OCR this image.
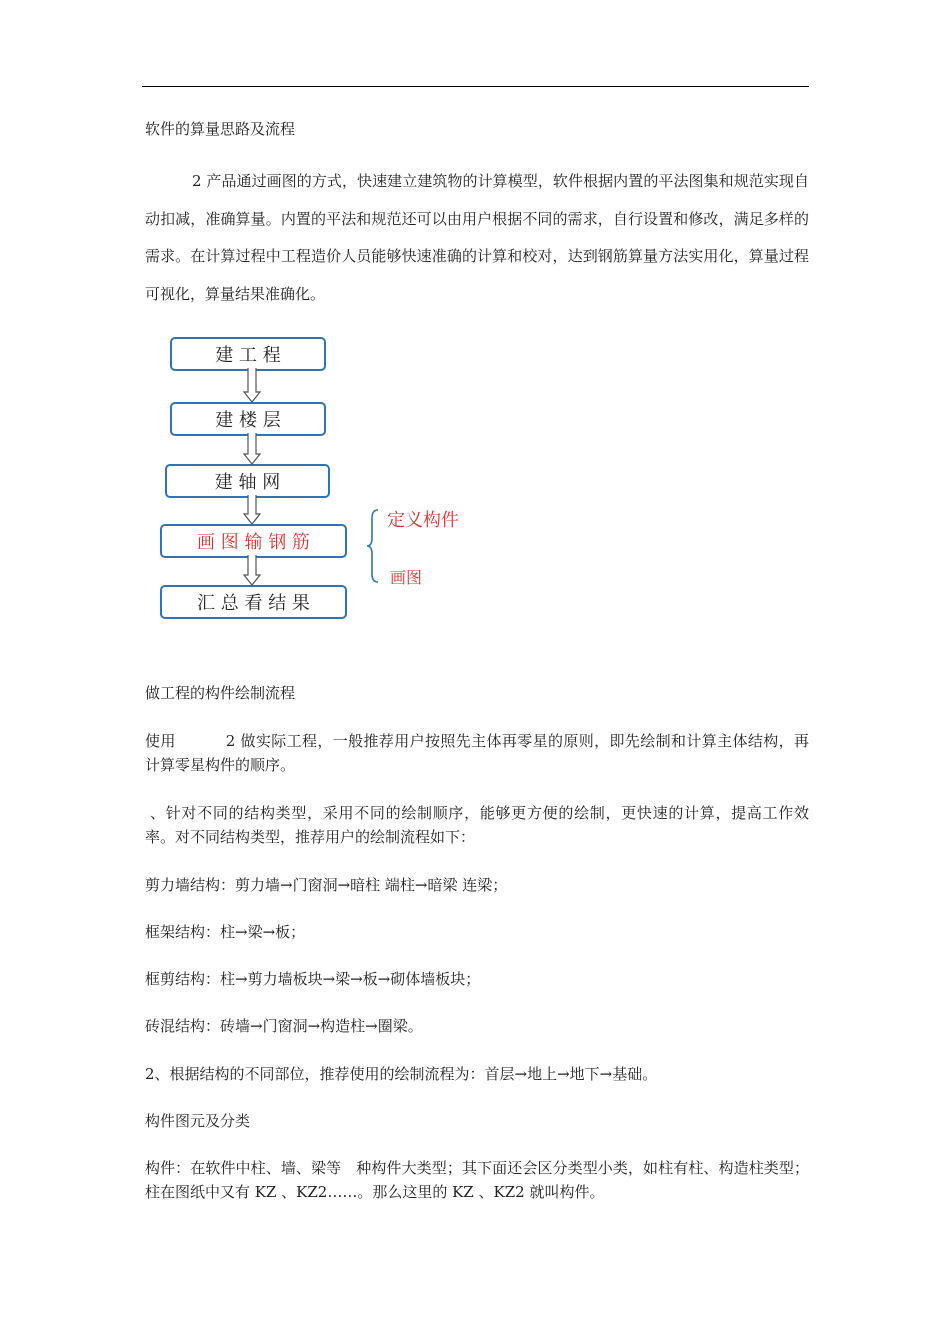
软件的算量思路及流程
2 产品通过画图的方式，快速建立建筑物的计算模型，软件根据内置的平法图集和规范实现自动扣减，准确算量。内置的平法和规范还可以由用户根据不同的需求，自行设置和修改，满足多样的需求。在计算过程中工程造价人员能够快速准确的计算和校对，达到钢筋算量方法实用化，算量过程可视化，算量结果准确化。
建 工 程
建 楼 层
建 轴 网
画 图 输 钢 筋
汇 总 看 结 果
定义构件
画图
做工程的构件绘制流程
使用	2 做实际工程，一般推荐用户按照先主体再零星的原则，即先绘制和计算主体结构，再计算零星构件的顺序。
、针对不同的结构类型，采用不同的绘制顺序，能够更方便的绘制，更快速的计算，提高工作效率。对不同结构类型，推荐用户的绘制流程如下：
剪力墙结构：剪力墙→门窗洞→暗柱 端柱→暗梁 连梁；
框架结构：柱→梁→板；
框剪结构：柱→剪力墙板块→梁→板→砌体墙板块；
砖混结构：砖墙→门窗洞→构造柱→圈梁。
2、根据结构的不同部位，推荐使用的绘制流程为：首层→地上→地下→基础。
构件图元及分类
构件：在软件中柱、墙、梁等　种构件大类型；其下面还会区分类型小类，如柱有柱、构造柱类型；柱在图纸中又有 KZ 、KZ2……。那么这里的 KZ 、KZ2 就叫构件。
